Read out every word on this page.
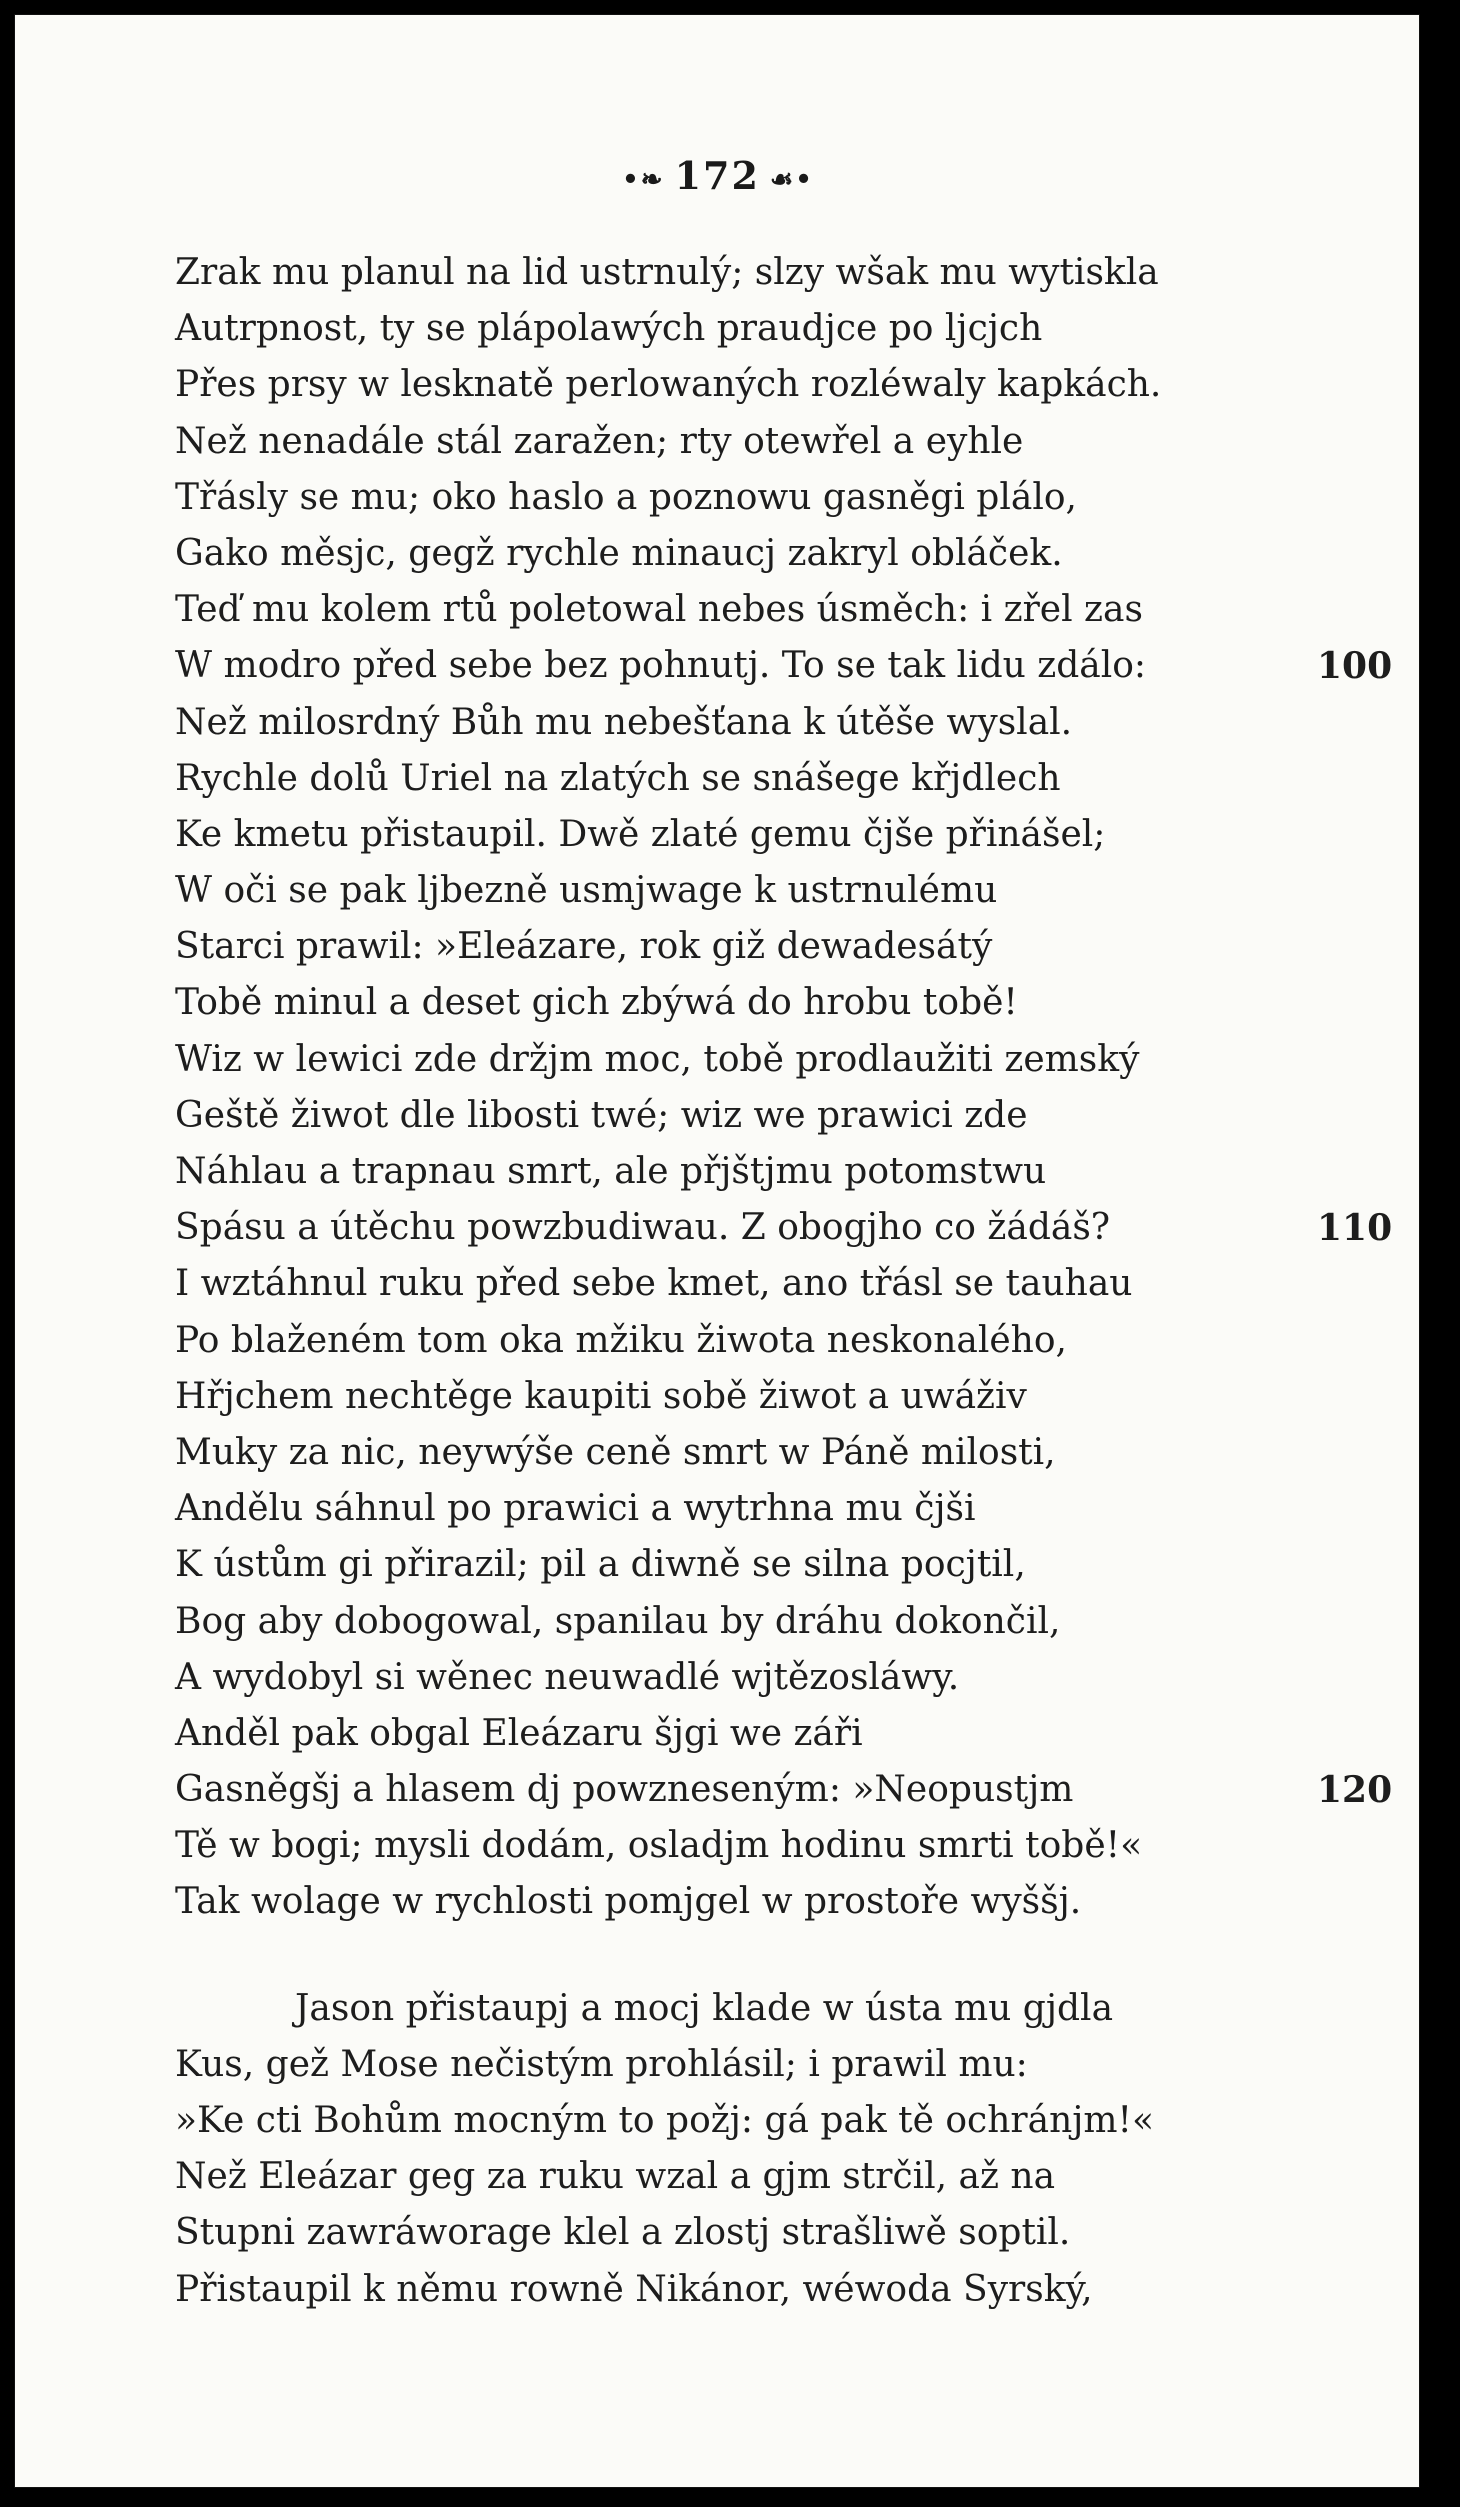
•❧ 172 ☙•
Zrak mu planul na lid ustrnulý; slzy wšak mu wytiskla
Autrpnost, ty se plápolawých praudjce po ljcjch
Přes prsy w lesknatě perlowaných rozléwaly kapkách.
Než nenadále stál zaražen; rty otewřel a eyhle
Třásly se mu; oko haslo a poznowu gasněgi plálo,
Gako měsjc, gegž rychle minaucj zakryl obláček.
Teď mu kolem rtů poletowal nebes úsměch: i zřel zas
W modro před sebe bez pohnutj. To se tak lidu zdálo:	100
Než milosrdný Bůh mu nebešťana k útěše wyslal.
Rychle dolů Uriel na zlatých se snášege křjdlech
Ke kmetu přistaupil. Dwě zlaté gemu čjše přinášel;
W oči se pak ljbezně usmjwage k ustrnulému
Starci prawil: »Eleázare, rok giž dewadesátý
Tobě minul a deset gich zbýwá do hrobu tobě!
Wiz w lewici zde držjm moc, tobě prodlaužiti zemský
Geště žiwot dle libosti twé; wiz we prawici zde
Náhlau a trapnau smrt, ale přjštjmu potomstwu
Spásu a útěchu powzbudiwau. Z obogjho co žádáš?	110
I wztáhnul ruku před sebe kmet, ano třásl se tauhau
Po blaženém tom oka mžiku žiwota neskonalého,
Hřjchem nechtěge kaupiti sobě žiwot a uwáživ
Muky za nic, neywýše ceně smrt w Páně milosti,
Andělu sáhnul po prawici a wytrhna mu čjši
K ústům gi přirazil; pil a diwně se silna pocjtil,
Bog aby dobogowal, spanilau by dráhu dokončil,
A wydobyl si wěnec neuwadlé wjtězosláwy.
Anděl pak obgal Eleázaru šjgi we záři
Gasněgšj a hlasem dj powzneseným: »Neopustjm	120
Tě w bogi; mysli dodám, osladjm hodinu smrti tobě!«
Tak wolage w rychlosti pomjgel w prostoře wyššj.
Jason přistaupj a mocj klade w ústa mu gjdla
Kus, gež Mose nečistým prohlásil; i prawil mu:
»Ke cti Bohům mocným to požj: gá pak tě ochránjm!«
Než Eleázar geg za ruku wzal a gjm strčil, až na
Stupni zawráworage klel a zlostj strašliwě soptil.
Přistaupil k němu rowně Nikánor, wéwoda Syrský,
